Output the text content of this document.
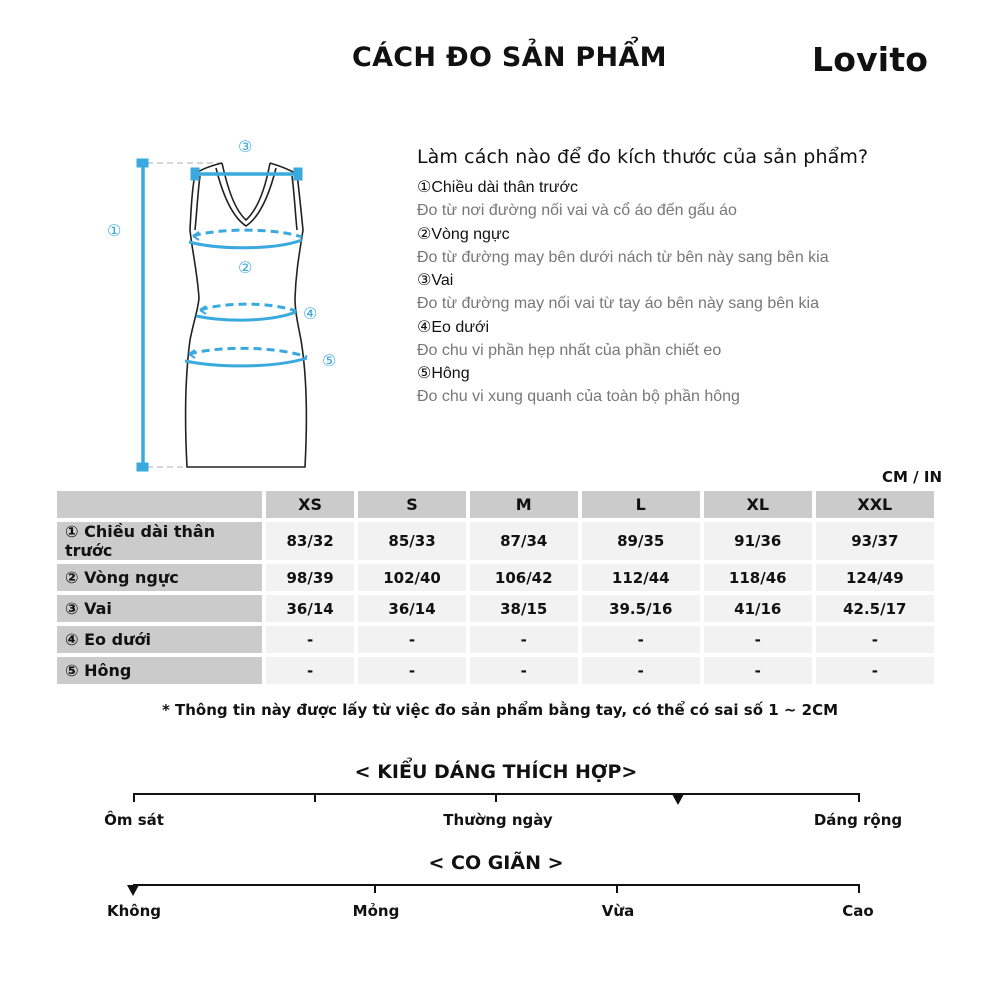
CÁCH ĐO SẢN PHẨM	Lovito
①
②
③
④
⑤
Làm cách nào để đo kích thước của sản phẩm?
①Chiều dài thân trước
Đo từ nơi đường nối vai và cổ áo đến gấu áo
②Vòng ngực
Đo từ đường may bên dưới nách từ bên này sang bên kia
③Vai
Đo từ đường may nối vai từ tay áo bên này sang bên kia
④Eo dưới
Đo chu vi phần hẹp nhất của phần chiết eo
⑤Hông
Đo chu vi xung quanh của toàn bộ phần hông
CM / IN
	XS	S	M	L	XL	XXL
① Chiều dài thân trước	83/32	85/33	87/34	89/35	91/36	93/37
② Vòng ngực	98/39	102/40	106/42	112/44	118/46	124/49
③ Vai	36/14	36/14	38/15	39.5/16	41/16	42.5/17
④ Eo dưới	-	-	-	-	-	-
⑤ Hông	-	-	-	-	-	-
* Thông tin này được lấy từ việc đo sản phẩm bằng tay, có thể có sai số 1 ~ 2CM
< KIỂU DÁNG THÍCH HỢP>
Ôm sát	Thường ngày	Dáng rộng
< CO GIÃN >
Không	Mỏng	Vừa	Cao
